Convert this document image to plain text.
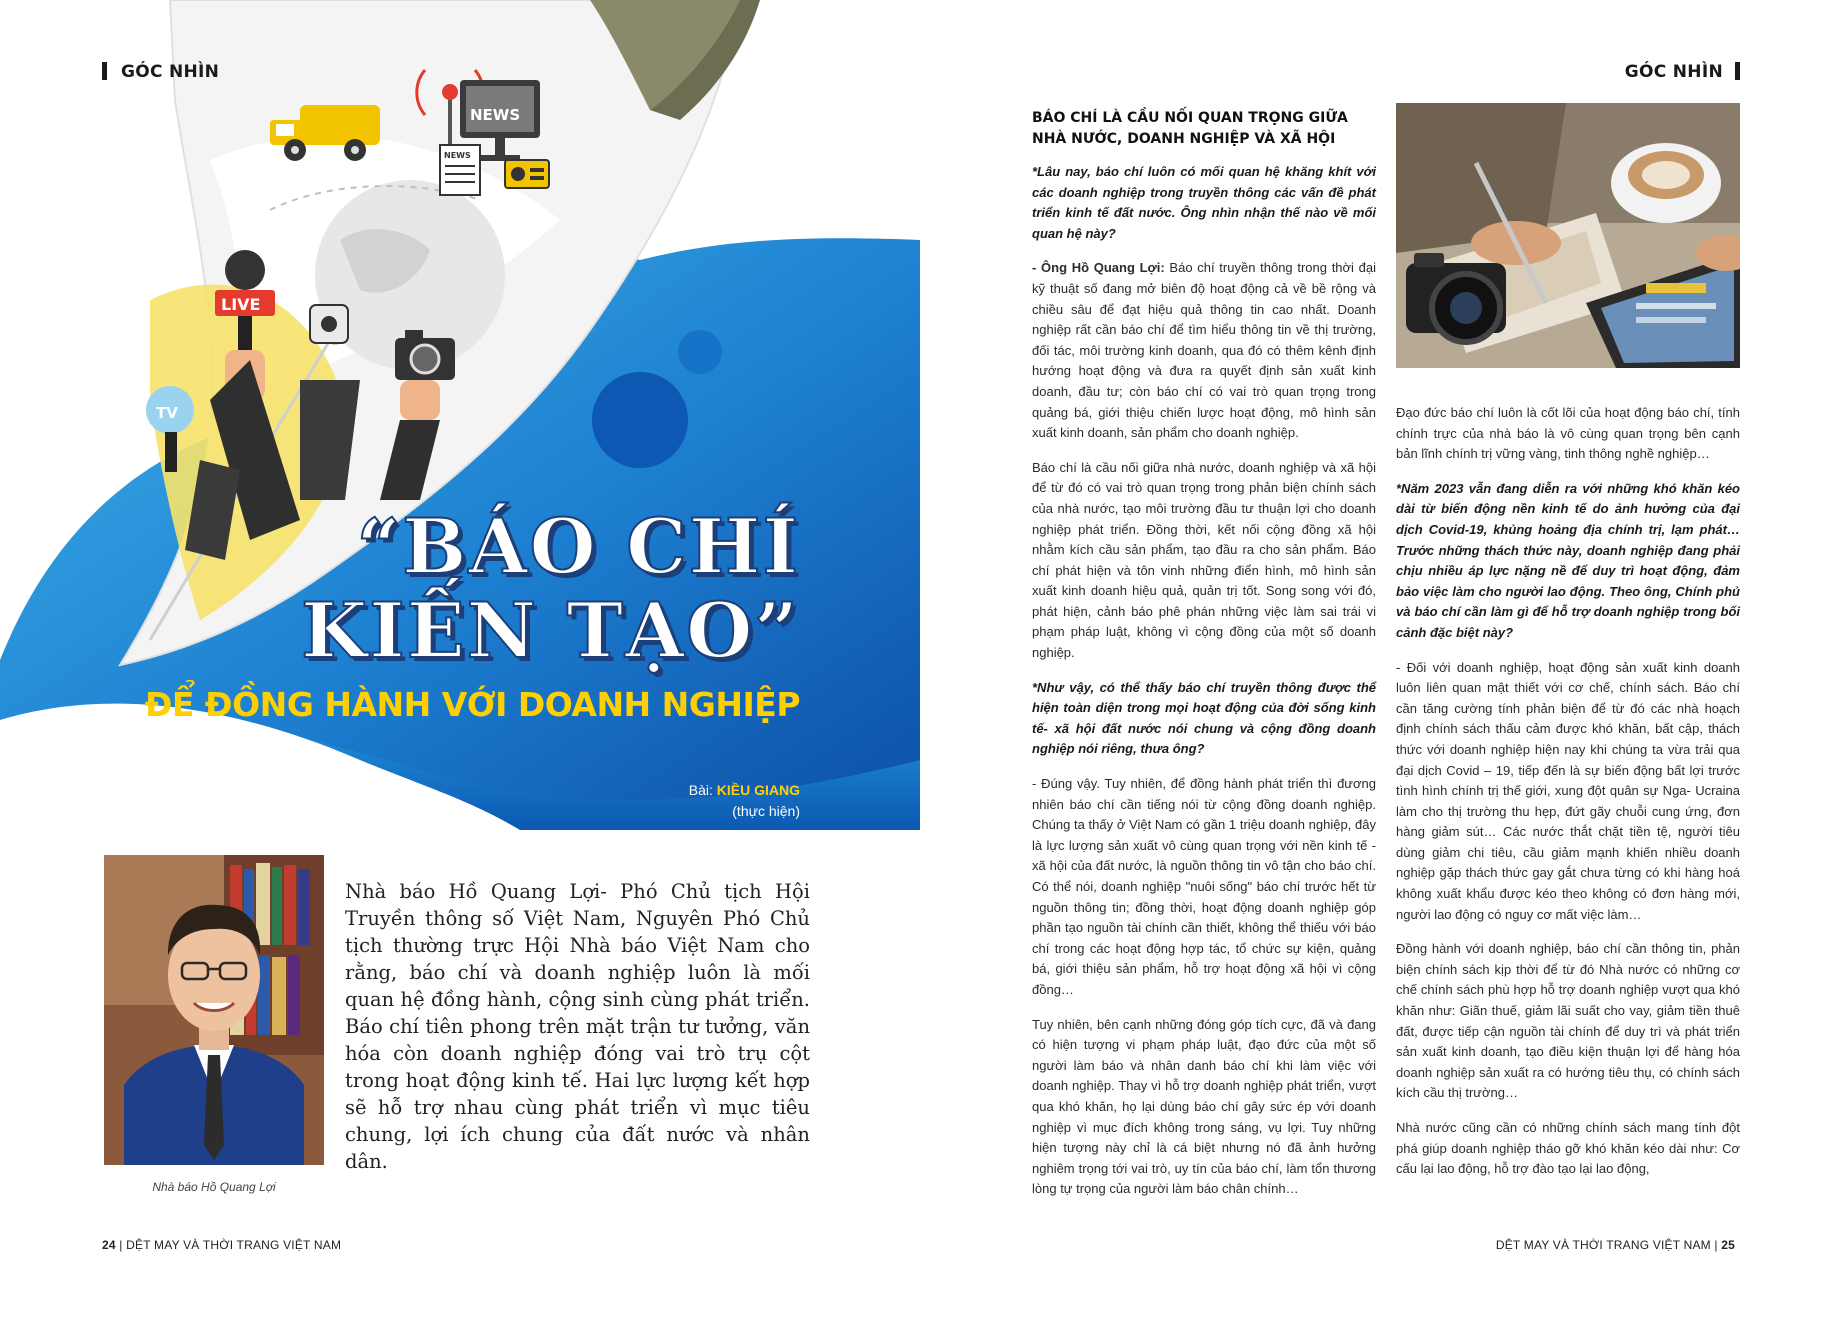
NEWS
NEWS
LIVE
TV
GÓC NHÌN
“BÁO CHÍ
KIẾN TẠO”
ĐỂ ĐỒNG HÀNH VỚI DOANH NGHIỆP
Bài: KIỀU GIANG
(thực hiện)
Nhà báo Hồ Quang Lợi
Nhà báo Hồ Quang Lợi- Phó Chủ tịch Hội Truyền thông số Việt Nam, Nguyên Phó Chủ tịch thường trực Hội Nhà báo Việt Nam cho rằng, báo chí và doanh nghiệp luôn là mối quan hệ đồng hành, cộng sinh cùng phát triển. Báo chí tiên phong trên mặt trận tư tưởng, văn hóa còn doanh nghiệp đóng vai trò trụ cột trong hoạt động kinh tế. Hai lực lượng kết hợp sẽ hỗ trợ nhau cùng phát triển vì mục tiêu chung, lợi ích chung của đất nước và nhân dân.
24 | DỆT MAY VÀ THỜI TRANG VIỆT NAM
GÓC NHÌN

BÁO CHÍ LÀ CẦU NỐI QUAN TRỌNG GIỮA NHÀ NƯỚC, DOANH NGHIỆP VÀ XÃ HỘI

*Lâu nay, báo chí luôn có mối quan hệ khăng khít với các doanh nghiệp trong truyền thông các vấn đề phát triển kinh tế đất nước. Ông nhìn nhận thế nào về mối quan hệ này?

- Ông Hồ Quang Lợi: Báo chí truyền thông trong thời đại kỹ thuật số đang mở biên độ hoạt động cả về bề rộng và chiều sâu để đạt hiệu quả thông tin cao nhất. Doanh nghiệp rất cần báo chí để tìm hiểu thông tin về thị trường, đối tác, môi trường kinh doanh, qua đó có thêm kênh định hướng hoạt động và đưa ra quyết định sản xuất kinh doanh, đầu tư; còn báo chí có vai trò quan trọng trong quảng bá, giới thiệu chiến lược hoạt động, mô hình sản xuất kinh doanh, sản phẩm cho doanh nghiệp.

Báo chí là cầu nối giữa nhà nước, doanh nghiệp và xã hội để từ đó có vai trò quan trọng trong phản biện chính sách của nhà nước, tạo môi trường đầu tư thuận lợi cho doanh nghiệp phát triển. Đồng thời, kết nối cộng đồng xã hội nhằm kích cầu sản phẩm, tạo đầu ra cho sản phẩm. Báo chí phát hiện và tôn vinh những điển hình, mô hình sản xuất kinh doanh hiệu quả, quản trị tốt. Song song với đó, phát hiện, cảnh báo phê phán những việc làm sai trái vi phạm pháp luật, không vì cộng đồng của một số doanh nghiệp.

*Như vậy, có thể thấy báo chí truyền thông được thể hiện toàn diện trong mọi hoạt động của đời sống kinh tế- xã hội đất nước nói chung và cộng đồng doanh nghiệp nói riêng, thưa ông?

- Đúng vậy. Tuy nhiên, để đồng hành phát triển thì đương nhiên báo chí cần tiếng nói từ cộng đồng doanh nghiệp. Chúng ta thấy ở Việt Nam có gần 1 triệu doanh nghiệp, đây là lực lượng sản xuất vô cùng quan trọng với nền kinh tế - xã hội của đất nước, là nguồn thông tin vô tận cho báo chí. Có thể nói, doanh nghiệp "nuôi sống" báo chí trước hết từ nguồn thông tin; đồng thời, hoạt động doanh nghiệp góp phần tạo nguồn tài chính cần thiết, không thể thiếu với báo chí trong các hoạt động hợp tác, tổ chức sự kiện, quảng bá, giới thiệu sản phẩm, hỗ trợ hoạt động xã hội vì cộng đồng…

Tuy nhiên, bên cạnh những đóng góp tích cực, đã và đang có hiện tượng vi phạm pháp luật, đạo đức của một số người làm báo và nhân danh báo chí khi làm việc với doanh nghiệp. Thay vì hỗ trợ doanh nghiệp phát triển, vượt qua khó khăn, họ lại dùng báo chí gây sức ép với doanh nghiệp vì mục đích không trong sáng, vụ lợi. Tuy những hiện tượng này chỉ là cá biệt nhưng nó đã ảnh hưởng nghiêm trọng tới vai trò, uy tín của báo chí, làm tổn thương lòng tự trọng của người làm báo chân chính…

Đạo đức báo chí luôn là cốt lõi của hoạt động báo chí, tính chính trực của nhà báo là vô cùng quan trọng bên cạnh bản lĩnh chính trị vững vàng, tinh thông nghề nghiệp…

*Năm 2023 vẫn đang diễn ra với những khó khăn kéo dài từ biến động nền kinh tế do ảnh hưởng của đại dịch Covid-19, khủng hoảng địa chính trị, lạm phát… Trước những thách thức này, doanh nghiệp đang phải chịu nhiều áp lực nặng nề để duy trì hoạt động, đảm bảo việc làm cho người lao động. Theo ông, Chính phủ và báo chí cần làm gì để hỗ trợ doanh nghiệp trong bối cảnh đặc biệt này?

- Đối với doanh nghiệp, hoạt động sản xuất kinh doanh luôn liên quan mật thiết với cơ chế, chính sách. Báo chí cần tăng cường tính phản biện để từ đó các nhà hoạch định chính sách thấu cảm được khó khăn, bất cập, thách thức với doanh nghiệp hiện nay khi chúng ta vừa trải qua đại dịch Covid – 19, tiếp đến là sự biến động bất lợi trước tình hình chính trị thế giới, xung đột quân sự Nga- Ucraina làm cho thị trường thu hẹp, đứt gãy chuỗi cung ứng, đơn hàng giảm sút… Các nước thắt chặt tiền tệ, người tiêu dùng giảm chi tiêu, cầu giảm mạnh khiến nhiều doanh nghiệp gặp thách thức gay gắt chưa từng có khi hàng hoá không xuất khẩu được kéo theo không có đơn hàng mới, người lao động có nguy cơ mất việc làm…

Đồng hành với doanh nghiệp, báo chí cần thông tin, phản biện chính sách kịp thời để từ đó Nhà nước có những cơ chế chính sách phù hợp hỗ trợ doanh nghiệp vượt qua khó khăn như: Giãn thuế, giảm lãi suất cho vay, giảm tiền thuê đất, được tiếp cận nguồn tài chính để duy trì và phát triển sản xuất kinh doanh, tạo điều kiện thuận lợi để hàng hóa doanh nghiệp sản xuất ra có hướng tiêu thụ, có chính sách kích cầu thị trường…

Nhà nước cũng cần có những chính sách mang tính đột phá giúp doanh nghiệp tháo gỡ khó khăn kéo dài như: Cơ cấu lại lao động, hỗ trợ đào tạo lại lao động,

DỆT MAY VÀ THỜI TRANG VIỆT NAM | 25
